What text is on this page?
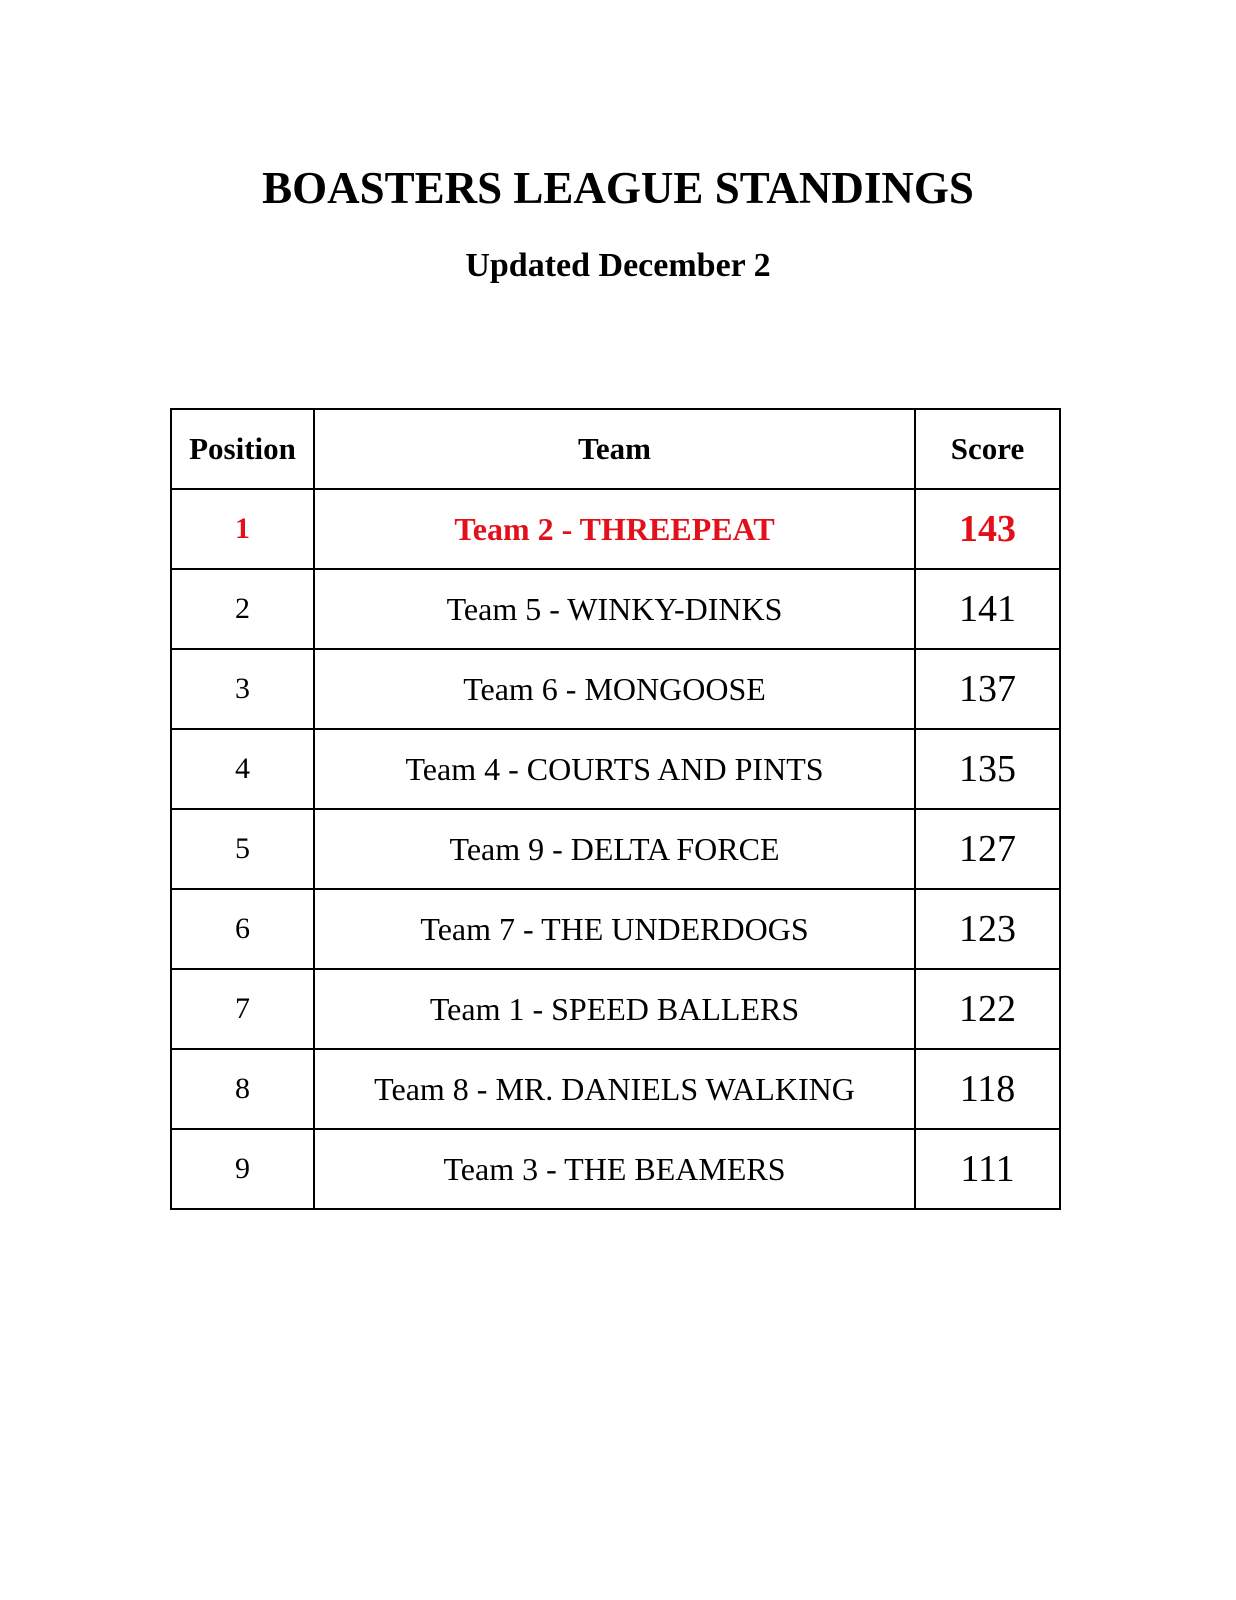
BOASTERS LEAGUE STANDINGS
Updated December 2
Position	Team	Score
1	Team 2 - THREEPEAT	143
2	Team 5 - WINKY-DINKS	141
3	Team 6 - MONGOOSE	137
4	Team 4 - COURTS AND PINTS	135
5	Team 9 - DELTA FORCE	127
6	Team 7 - THE UNDERDOGS	123
7	Team 1 - SPEED BALLERS	122
8	Team 8 - MR. DANIELS WALKING	118
9	Team 3 - THE BEAMERS	111
